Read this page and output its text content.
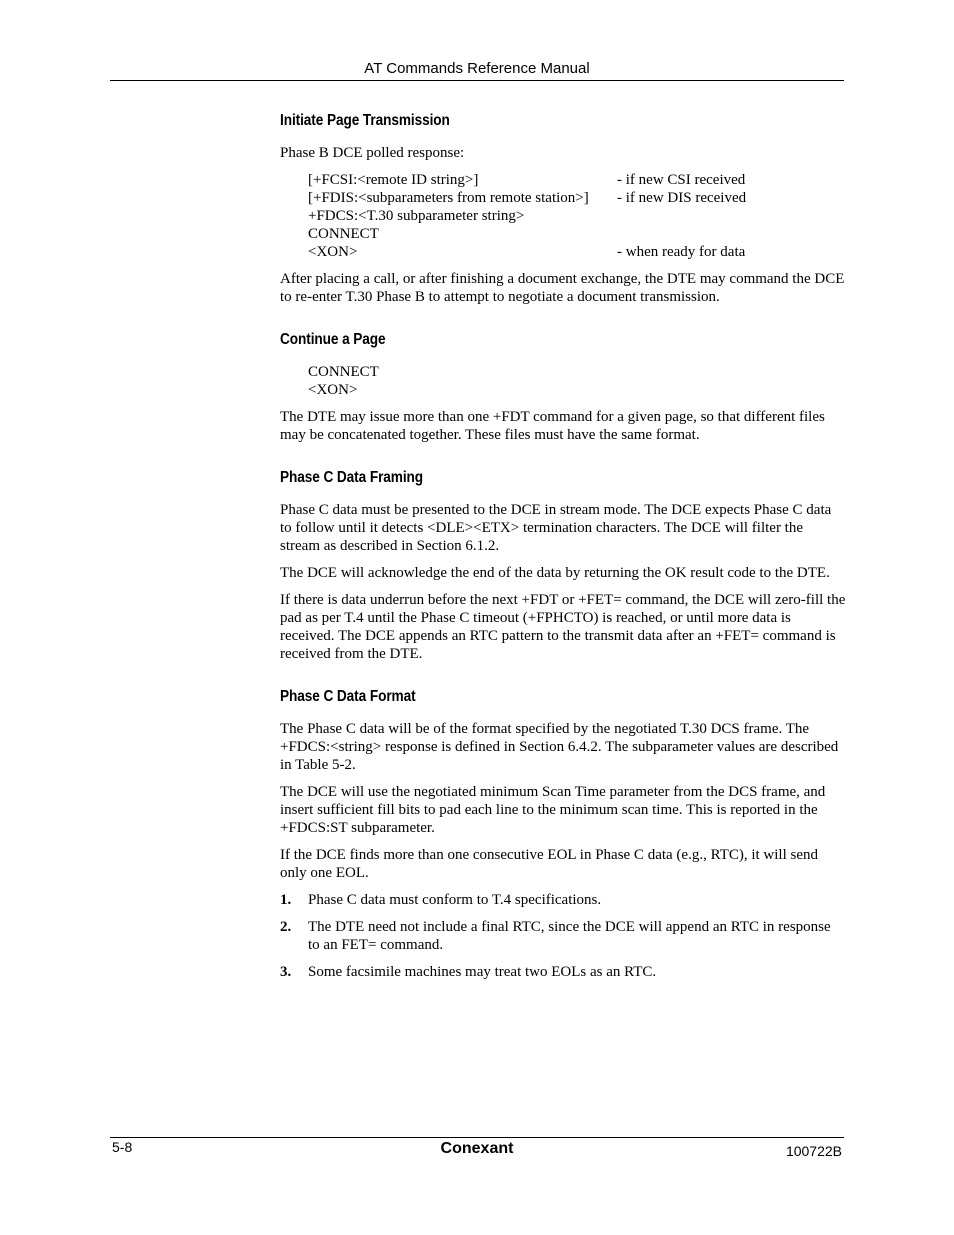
AT Commands Reference Manual
Initiate Page Transmission

Phase B DCE polled response:

[+FCSI:<remote ID string>]	- if new CSI received
[+FDIS:<subparameters from remote station>]	- if new DIS received
+FDCS:<T.30 subparameter string>
CONNECT
<XON>	- when ready for data

After placing a call, or after finishing a document exchange, the DTE may command the DCE to re-enter T.30 Phase B to attempt to negotiate a document transmission.

Continue a Page
CONNECT
<XON>

The DTE may issue more than one +FDT command for a given page, so that different files may be concatenated together. These files must have the same format.

Phase C Data Framing

Phase C data must be presented to the DCE in stream mode. The DCE expects Phase C data to follow until it detects <DLE><ETX> termination characters. The DCE will filter the stream as described in Section 6.1.2.

The DCE will acknowledge the end of the data by returning the OK result code to the DTE.

If there is data underrun before the next +FDT or +FET= command, the DCE will zero-fill the pad as per T.4 until the Phase C timeout (+FPHCTO) is reached, or until more data is received. The DCE appends an RTC pattern to the transmit data after an +FET= command is received from the DTE.

Phase C Data Format

The Phase C data will be of the format specified by the negotiated T.30 DCS frame. The +FDCS:<string> response is defined in Section 6.4.2. The subparameter values are described in Table 5-2.

The DCE will use the negotiated minimum Scan Time parameter from the DCS frame, and insert sufficient fill bits to pad each line to the minimum scan time. This is reported in the +FDCS:ST subparameter.

If the DCE finds more than one consecutive EOL in Phase C data (e.g., RTC), it will send only one EOL.

1.	Phase C data must conform to T.4 specifications.
2.	The DTE need not include a final RTC, since the DCE will append an RTC in response to an FET= command.
3.	Some facsimile machines may treat two EOLs as an RTC.
5-8	Conexant	100722B
